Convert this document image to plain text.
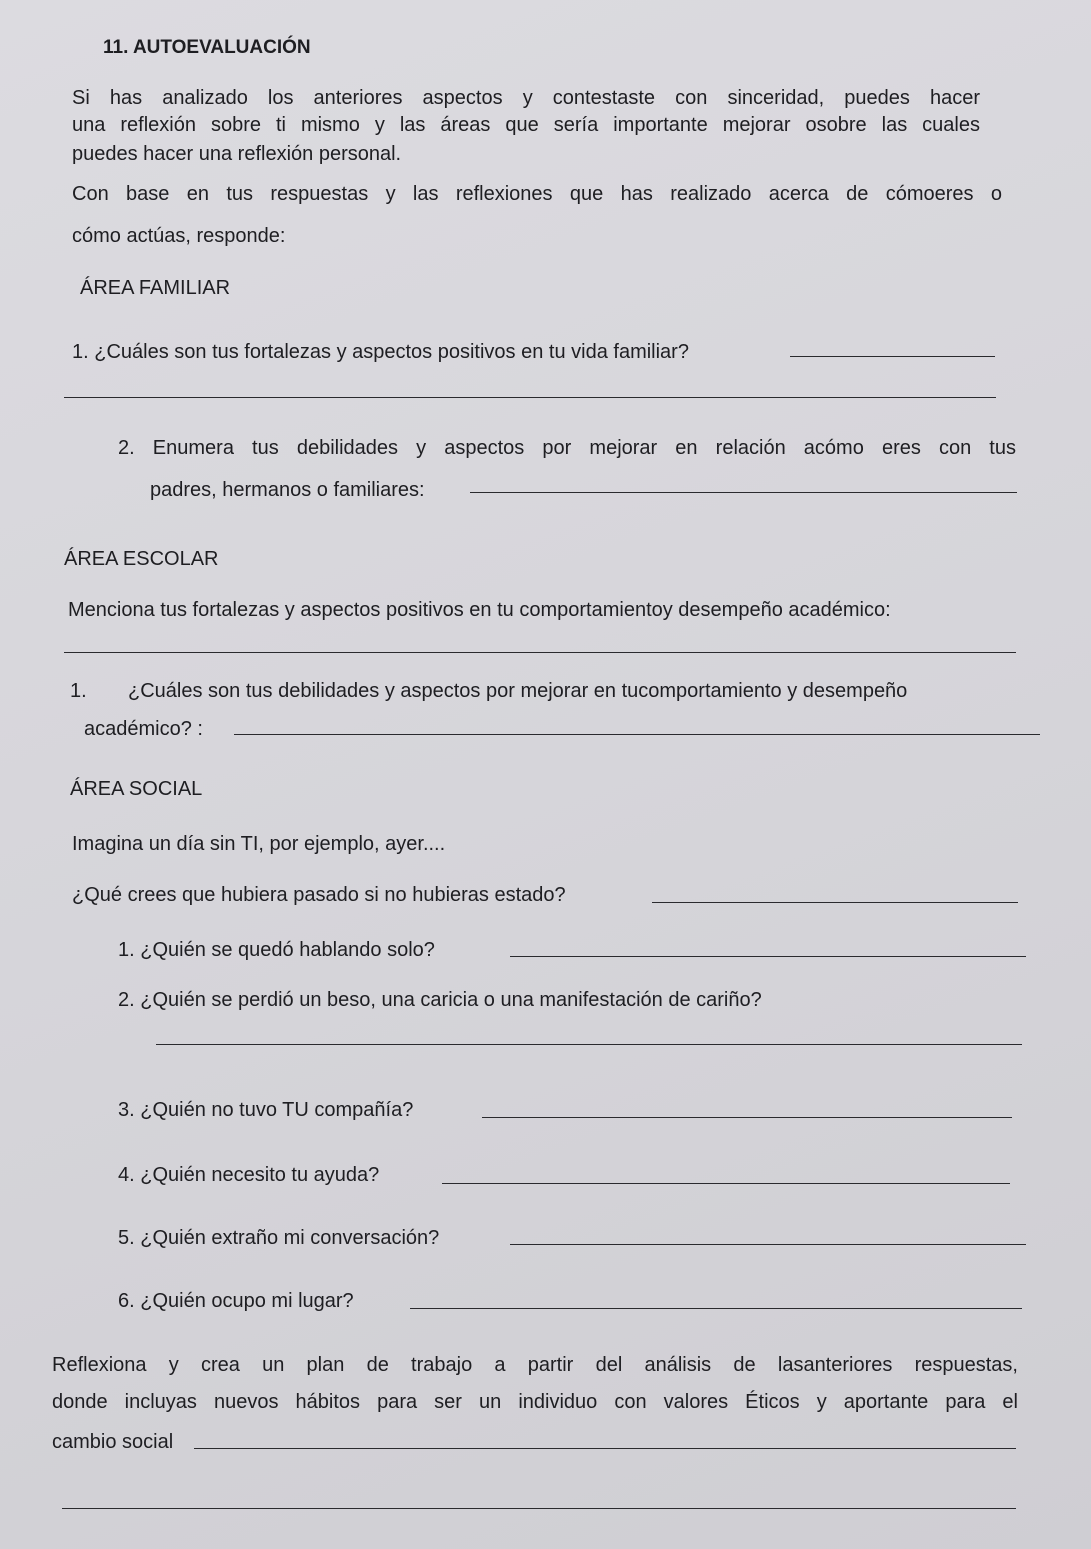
11. AUTOEVALUACIÓN
Si has analizado los anteriores aspectos y contestaste con sinceridad, puedes hacer
una reflexión sobre ti mismo y las áreas que sería importante mejorar osobre las cuales
puedes hacer una reflexión personal.
Con base en tus respuestas y las reflexiones que has realizado acerca de cómoeres o
cómo actúas, responde:
ÁREA FAMILIAR
1. ¿Cuáles son tus fortalezas y aspectos positivos en tu vida familiar?
2. Enumera tus debilidades y aspectos por mejorar en relación acómo eres con tus
padres, hermanos o familiares:
ÁREA ESCOLAR
Menciona tus fortalezas y aspectos positivos en tu comportamientoy desempeño académico:
1. ¿Cuáles son tus debilidades y aspectos por mejorar en tucomportamiento y desempeño
académico? :
ÁREA SOCIAL
Imagina un día sin TI, por ejemplo, ayer....
¿Qué crees que hubiera pasado si no hubieras estado?
1. ¿Quién se quedó hablando solo?
2. ¿Quién se perdió un beso, una caricia o una manifestación de cariño?
3. ¿Quién no tuvo TU compañía?
4. ¿Quién necesito tu ayuda?
5. ¿Quién extraño mi conversación?
6. ¿Quién ocupo mi lugar?
Reflexiona y crea un plan de trabajo a partir del análisis de lasanteriores respuestas,
donde incluyas nuevos hábitos para ser un individuo con valores Éticos y aportante para el
cambio social
